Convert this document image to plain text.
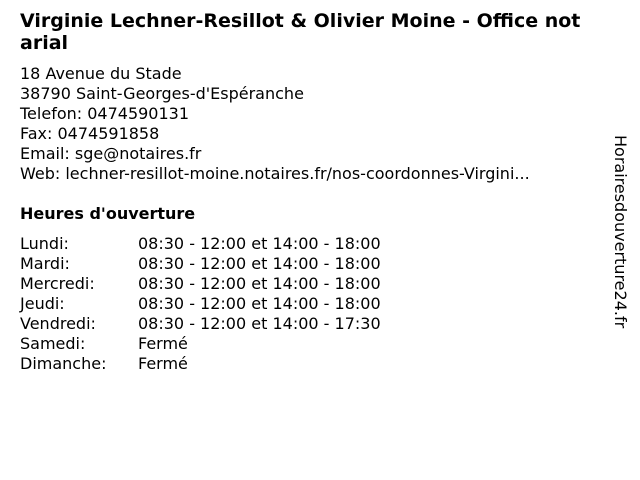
Virginie Lechner-Resillot & Olivier Moine - Office notarial
18 Avenue du Stade
38790 Saint-Georges-d'Espéranche
Telefon: 0474590131
Fax: 0474591858
Email: sge@notaires.fr
Web: lechner-resillot-moine.notaires.fr/nos-coordonnes-Virgini...
Heures d'ouverture
Lundi:	08:30 - 12:00 et 14:00 - 18:00
Mardi:	08:30 - 12:00 et 14:00 - 18:00
Mercredi:	08:30 - 12:00 et 14:00 - 18:00
Jeudi:	08:30 - 12:00 et 14:00 - 18:00
Vendredi:	08:30 - 12:00 et 14:00 - 17:30
Samedi:	Fermé
Dimanche:	Fermé
Horairesdouverture24.fr
